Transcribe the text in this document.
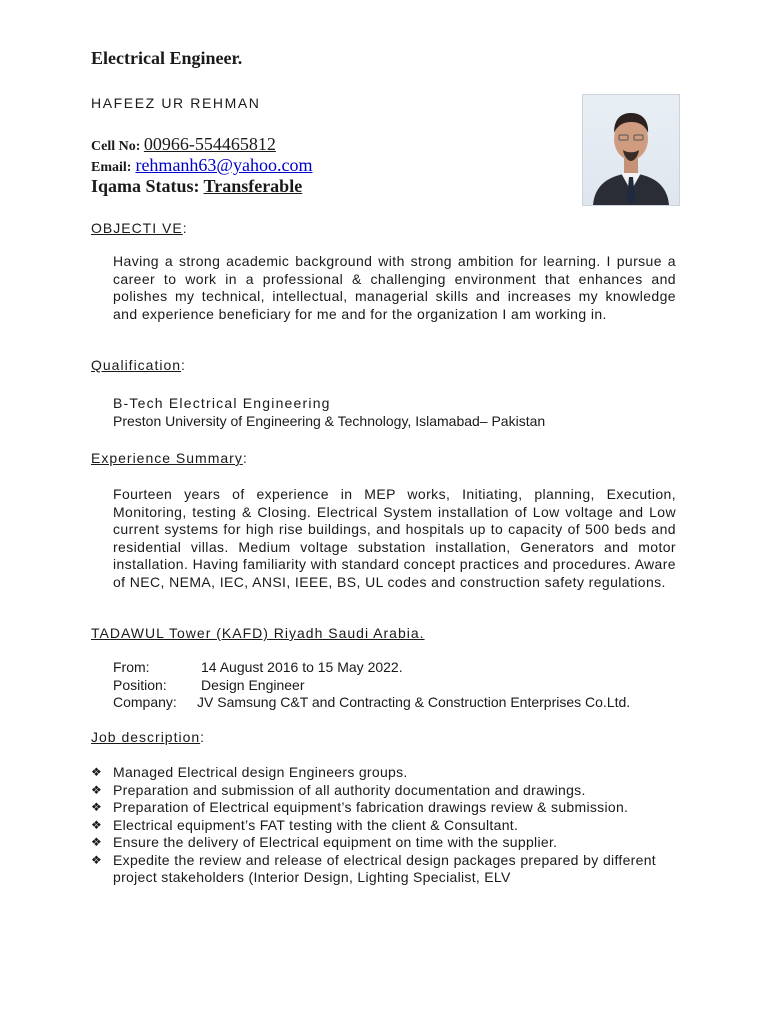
Electrical Engineer.
HAFEEZ UR REHMAN
Cell No: 00966-554465812
Email: rehmanh63@yahoo.com
Iqama Status: Transferable
OBJECTI VE:
Having a strong academic background with strong ambition for learning. I pursue a career to work in a professional & challenging environment that enhances and polishes my technical, intellectual, managerial skills and increases my knowledge and experience beneficiary for me and for the organization I am working in.
Qualification:
B-Tech Electrical Engineering
Preston University of Engineering & Technology, Islamabad– Pakistan
Experience Summary:
Fourteen years of experience in MEP works, Initiating, planning, Execution, Monitoring, testing & Closing. Electrical System installation of Low voltage and Low current systems for high rise buildings, and hospitals up to capacity of 500 beds and residential villas. Medium voltage substation installation, Generators and motor installation. Having familiarity with standard concept practices and procedures. Aware of NEC, NEMA, IEC, ANSI, IEEE, BS, UL codes and construction safety regulations.
TADAWUL Tower (KAFD) Riyadh Saudi Arabia.
From:	14 August 2016 to 15 May 2022.
Position: Design Engineer
Company: JV Samsung C&T and Contracting & Construction Enterprises Co.Ltd.
Job description:
❖ Managed Electrical design Engineers groups.
❖ Preparation and submission of all authority documentation and drawings.
❖ Preparation of Electrical equipment’s fabrication drawings review & submission.
❖ Electrical equipment’s FAT testing with the client & Consultant.
❖ Ensure the delivery of Electrical equipment on time with the supplier.
❖ Expedite the review and release of electrical design packages prepared by different project stakeholders (Interior Design, Lighting Specialist, ELV
